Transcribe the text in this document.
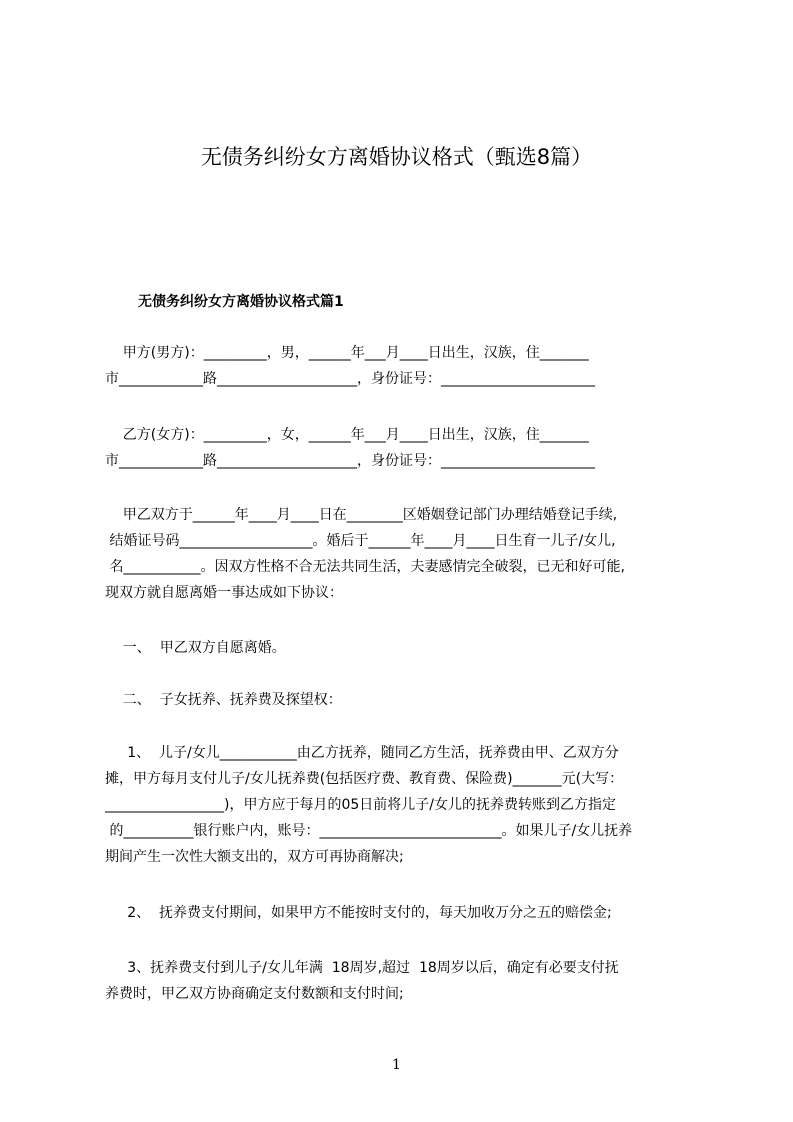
无债务纠纷女方离婚协议格式（甄选8篇）
无债务纠纷女方离婚协议格式篇1
甲方(男方)：_________，男，______年___月____日出生，汉族，住_______
市____________路____________________，身份证号：______________________
乙方(女方)：_________，女，______年___月____日出生，汉族，住_______
市____________路____________________，身份证号：______________________
甲乙双方于______年____月____日在________区婚姻登记部门办理结婚登记手续,
结婚证号码___________________。婚后于______年____月____日生育一儿子/女儿,
名___________。因双方性格不合无法共同生活，夫妻感情完全破裂，已无和好可能,
现双方就自愿离婚一事达成如下协议：
一、  甲乙双方自愿离婚。
二、  子女抚养、抚养费及探望权：
1、  儿子/女儿___________由乙方抚养，随同乙方生活，抚养费由甲、乙双方分
摊，甲方每月支付儿子/女儿抚养费(包括医疗费、教育费、保险费)_______元(大写：
_________________)，甲方应于每月的05日前将儿子/女儿的抚养费转账到乙方指定
的__________银行账户内，账号：__________________________。如果儿子/女儿抚养
期间产生一次性大额支出的，双方可再协商解决;
2、  抚养费支付期间，如果甲方不能按时支付的，每天加收万分之五的赔偿金;
3、抚养费支付到儿子/女儿年满  18周岁,超过  18周岁以后，确定有必要支付抚
养费时，甲乙双方协商确定支付数额和支付时间;
1
